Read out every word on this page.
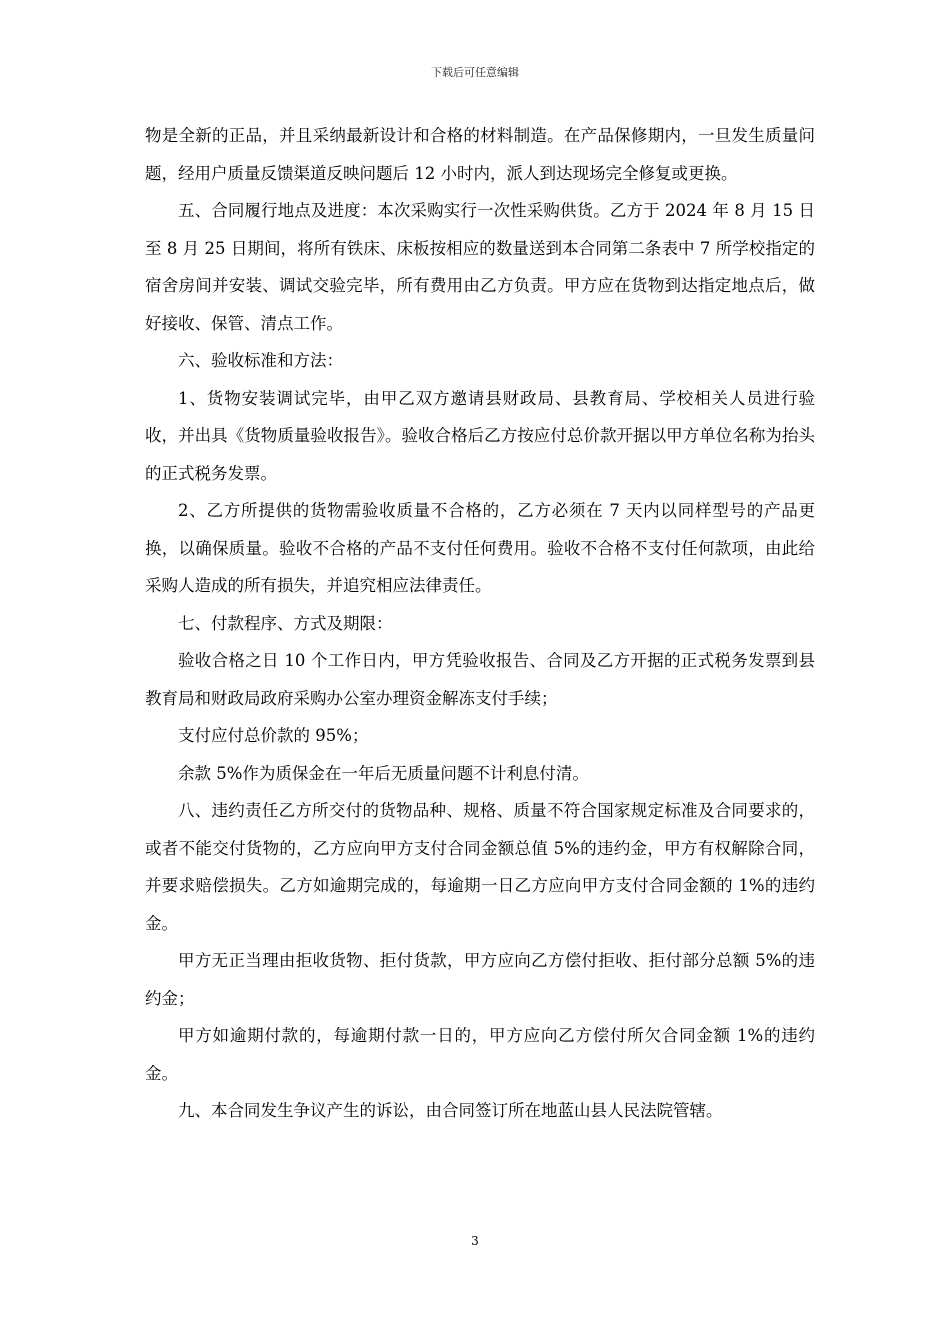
下载后可任意编辑

物是全新的正品，并且采纳最新设计和合格的材料制造。在产品保修期内，一旦发生质量问题，经用户质量反馈渠道反映问题后 12 小时内，派人到达现场完全修复或更换。

五、合同履行地点及进度：本次采购实行一次性采购供货。乙方于 2024 年 8 月 15 日至 8 月 25 日期间，将所有铁床、床板按相应的数量送到本合同第二条表中 7 所学校指定的宿舍房间并安装、调试交验完毕，所有费用由乙方负责。甲方应在货物到达指定地点后，做好接收、保管、清点工作。

六、验收标准和方法：

1、货物安装调试完毕，由甲乙双方邀请县财政局、县教育局、学校相关人员进行验收，并出具《货物质量验收报告》。验收合格后乙方按应付总价款开据以甲方单位名称为抬头的正式税务发票。

2、乙方所提供的货物需验收质量不合格的，乙方必须在 7 天内以同样型号的产品更换，以确保质量。验收不合格的产品不支付任何费用。验收不合格不支付任何款项，由此给采购人造成的所有损失，并追究相应法律责任。

七、付款程序、方式及期限：

验收合格之日 10 个工作日内，甲方凭验收报告、合同及乙方开据的正式税务发票到县教育局和财政局政府采购办公室办理资金解冻支付手续；

支付应付总价款的 95%；

余款 5%作为质保金在一年后无质量问题不计利息付清。

八、违约责任乙方所交付的货物品种、规格、质量不符合国家规定标准及合同要求的，或者不能交付货物的，乙方应向甲方支付合同金额总值 5%的违约金，甲方有权解除合同，并要求赔偿损失。乙方如逾期完成的，每逾期一日乙方应向甲方支付合同金额的 1%的违约金。

甲方无正当理由拒收货物、拒付货款，甲方应向乙方偿付拒收、拒付部分总额 5%的违约金；

甲方如逾期付款的，每逾期付款一日的，甲方应向乙方偿付所欠合同金额 1%的违约金。

九、本合同发生争议产生的诉讼，由合同签订所在地蓝山县人民法院管辖。

3
